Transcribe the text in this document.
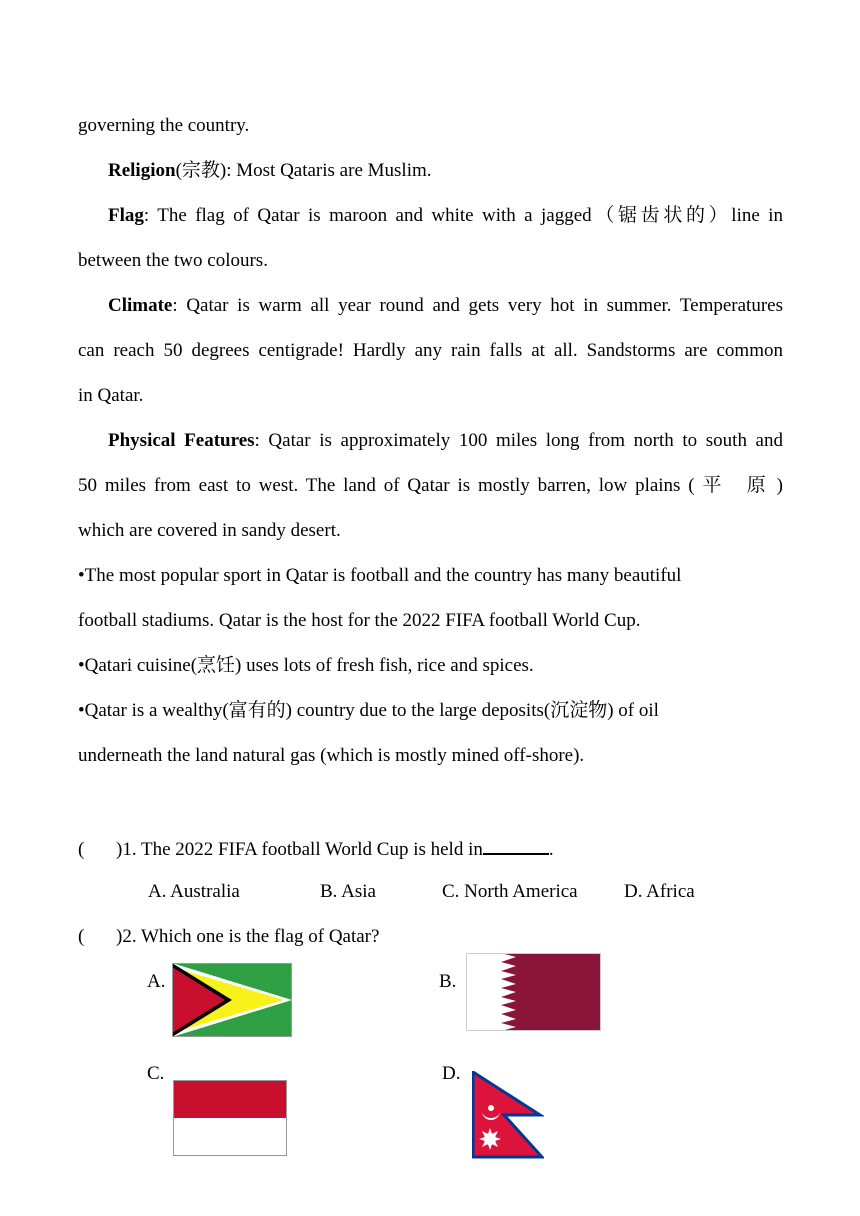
governing the country.
Religion(宗教): Most Qataris are Muslim.
Flag: The flag of Qatar is maroon and white with a jagged（锯齿状的）line in
between the two colours.
Climate: Qatar is warm all year round and gets very hot in summer. Temperatures
can reach 50 degrees centigrade! Hardly any rain falls at all. Sandstorms are common
in Qatar.
Physical Features: Qatar is approximately 100 miles long from north to south and
50 miles from east to west. The land of Qatar is mostly barren, low plains ( 平　原 )
which are covered in sandy desert.
•The most popular sport in Qatar is football and the country has many beautiful
football stadiums. Qatar is the host for the 2022 FIFA football World Cup.
•Qatari cuisine(烹饪) uses lots of fresh fish, rice and spices.
•Qatar is a wealthy(富有的) country due to the large deposits(沉淀物) of oil
underneath the land natural gas (which is mostly mined off-shore).
( )1. The 2022 FIFA football World Cup is held in	.
A. Australia	B. Asia	C. North America D. Africa
( )2. Which one is the flag of Qatar?
A.	B.
C.	D.
